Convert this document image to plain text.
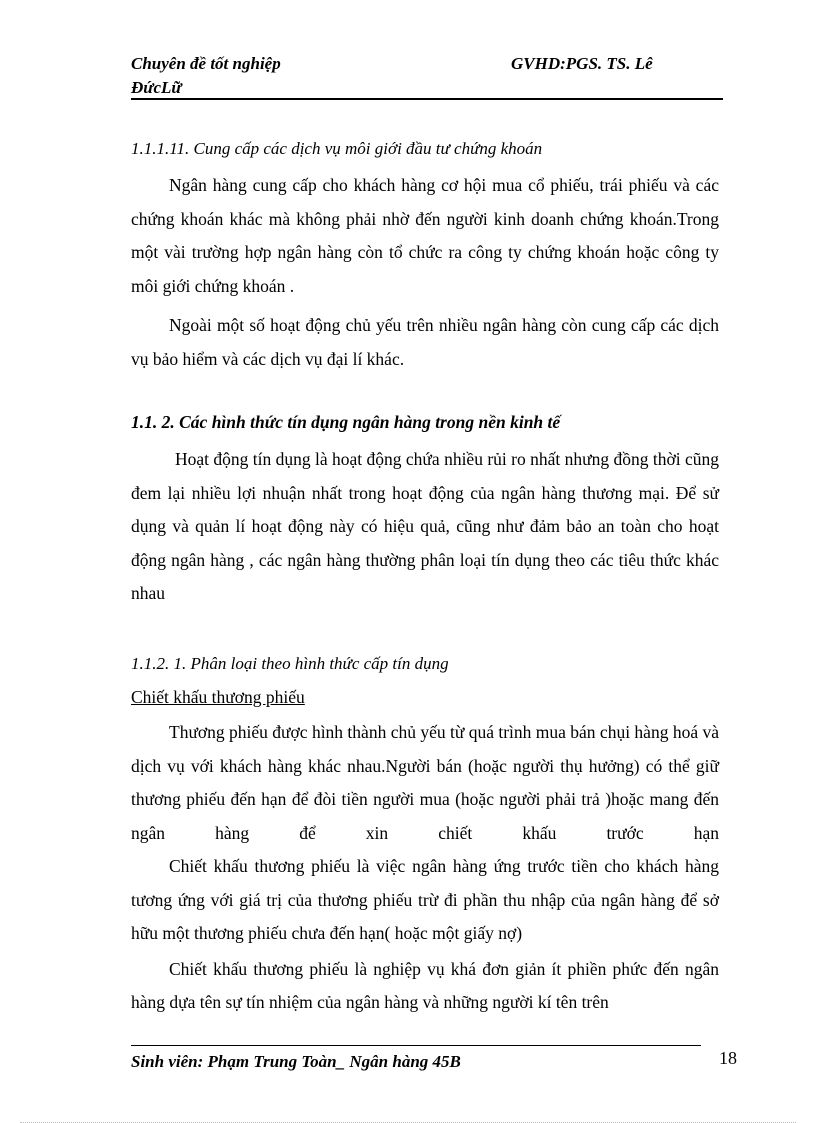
Chuyên đề tốt nghiệp
ĐứcLữ
GVHD:PGS. TS. Lê
1.1.1.11. Cung cấp các dịch vụ môi giới đầu tư chứng khoán

Ngân hàng cung cấp cho khách hàng cơ hội mua cổ phiếu, trái phiếu và các chứng khoán khác mà không phải nhờ đến người kinh doanh chứng khoán.Trong một vài trường hợp ngân hàng còn tổ chức ra công ty chứng khoán hoặc công ty môi giới chứng khoán .

Ngoài một số hoạt động chủ yếu trên nhiều ngân hàng còn cung cấp các dịch vụ bảo hiểm và các dịch vụ đại lí khác.

1.1. 2. Các hình thức tín dụng ngân hàng trong nền kinh tế

Hoạt động tín dụng là hoạt động chứa nhiều rủi ro nhất nhưng đồng thời cũng đem lại nhiều lợi nhuận nhất trong hoạt động của ngân hàng thương mại. Để sử dụng và quản lí hoạt động này có hiệu quả, cũng như đảm bảo an toàn cho hoạt động ngân hàng , các ngân hàng thường phân loại tín dụng theo các tiêu thức khác nhau

1.1.2. 1. Phân loại theo hình thức cấp tín dụng
Chiết khấu thương phiếu

Thương phiếu được hình thành chủ yếu từ quá trình mua bán chụi hàng hoá và dịch vụ với khách hàng khác nhau.Người bán (hoặc người thụ hưởng) có thể giữ thương phiếu đến hạn để đòi tiền người mua (hoặc người phải trả )hoặc mang đến ngân hàng để xin chiết khấu trước hạn

Chiết khấu thương phiếu là việc ngân hàng ứng trước tiền cho khách hàng tương ứng với giá trị của thương phiếu trừ đi phần thu nhập của ngân hàng để sở hữu một thương phiếu chưa đến hạn( hoặc một giấy nợ)

Chiết khấu thương phiếu là nghiệp vụ khá đơn giản ít phiền phức đến ngân hàng dựa tên sự tín nhiệm của ngân hàng và những người kí tên trên

Sinh viên: Phạm Trung Toàn_ Ngân hàng 45B	18
